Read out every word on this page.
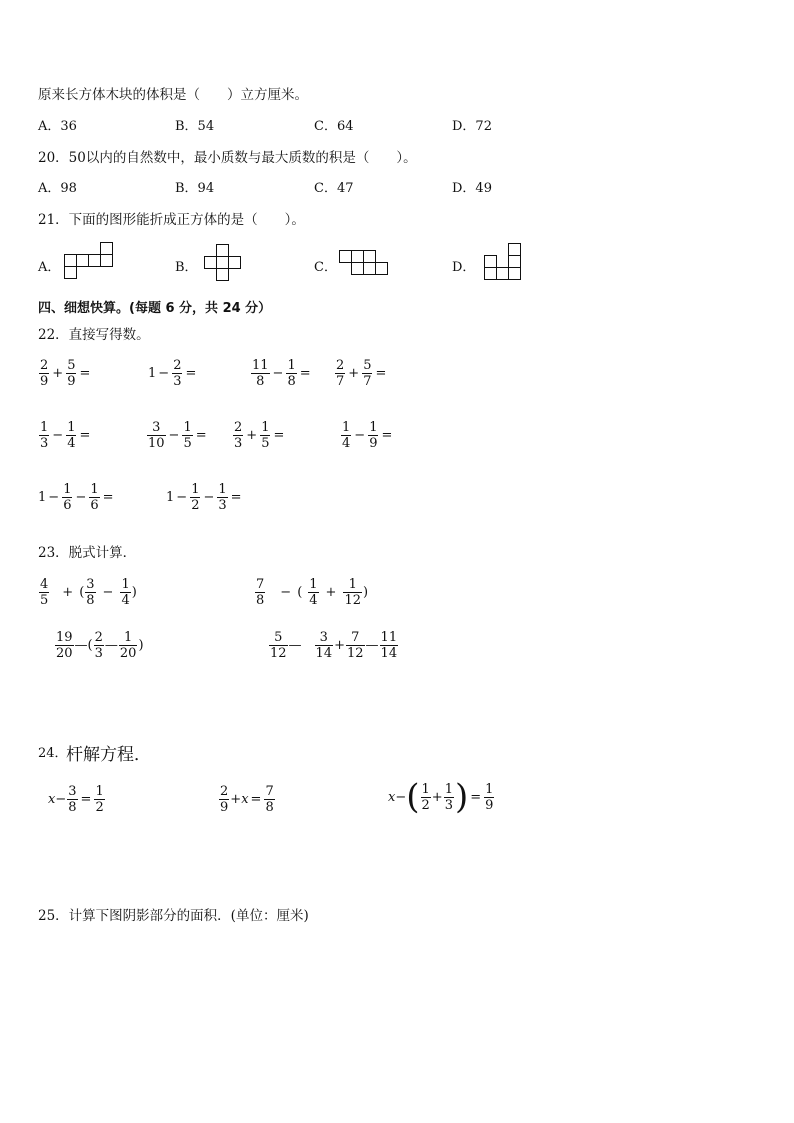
原来长方体木块的体积是（　　）立方厘米。
A．36	B．54	C．64	D．72
20．50以内的自然数中，最小质数与最大质数的积是（　　）。
A．98	B．94	C．47	D．49
21．下面的图形能折成正方体的是（　　）。
A．	B．	C．	D．
四、细想快算。(每题 6 分，共 24 分）
22．直接写得数。
$\frac{2}{9} + \frac{5}{9}$ =	$1 - \frac{2}{3}$ =	$\frac{11}{8} - \frac{1}{8} = \frac{2}{7} + \frac{5}{7}$ =
$\frac{1}{3} - \frac{1}{4}$ =	$\frac{3}{10} - \frac{1}{5} = \frac{2}{3} + \frac{1}{5}$ =	$\frac{1}{4} - \frac{1}{9}$ =
$1 - \frac{1}{6} - \frac{1}{6}$ =	$1 - \frac{1}{2} - \frac{1}{3}$ =
23．脱式计算．
$\frac{4}{5}$ + ( $\frac{3}{8} - \frac{1}{4}$ )	$\frac{7}{8}$ − ( $\frac{1}{4} + \frac{1}{12}$ )
$\frac{19}{20}$ — ( $\frac{2}{3}$ — $\frac{1}{20}$ )	$\frac{5}{12}$ — $\frac{3}{14} + \frac{7}{12}$ — $\frac{11}{14}$
24．
杆解方程．
$x - \frac{3}{8} = \frac{1}{2}$	$\frac{2}{9} + x = \frac{7}{8}$	x − ( $\frac{1}{2} + \frac{1}{3}$ ) = $\frac{1}{9}$
25．计算下图阴影部分的面积．(单位：厘米)
